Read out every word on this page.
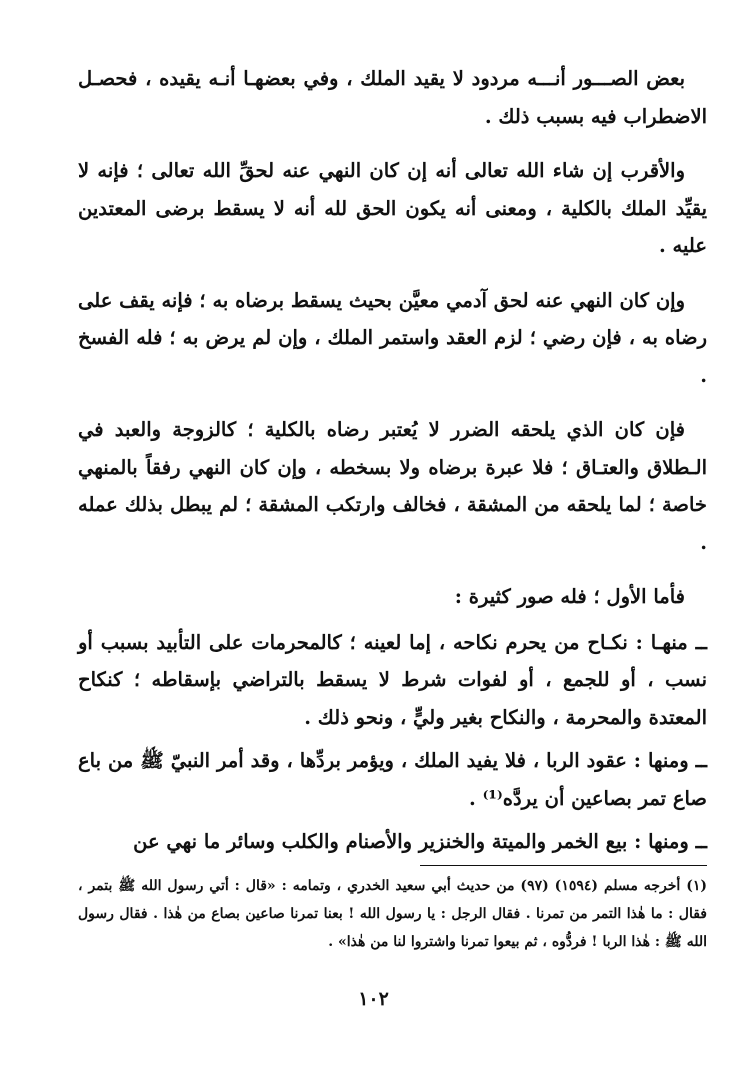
بعض الصـــور أنـــه مردود لا يقيد الملك ، وفي بعضهـا أنـه يقيده ، فحصـل الاضطراب فيه بسبب ذلك .

والأقرب إن شاء الله تعالى أنه إن كان النهي عنه لحقِّ الله تعالى ؛ فإنه لا يقيِّد الملك بالكلية ، ومعنى أنه يكون الحق لله أنه لا يسقط برضى المعتدين عليه .

وإن كان النهي عنه لحق آدمي معيَّن بحيث يسقط برضاه به ؛ فإنه يقف على رضاه به ، فإن رضي ؛ لزم العقد واستمر الملك ، وإن لم يرض به ؛ فله الفسخ .

فإن كان الذي يلحقه الضرر لا يُعتبر رضاه بالكلية ؛ كالزوجة والعبد في الـطلاق والعتـاق ؛ فلا عبرة برضاه ولا بسخطه ، وإن كان النهي رفقاً بالمنهي خاصة ؛ لما يلحقه من المشقة ، فخالف وارتكب المشقة ؛ لم يبطل بذلك عمله .

فأما الأول ؛ فله صور كثيرة :

ــ منهـا : نكـاح من يحرم نكاحه ، إما لعينه ؛ كالمحرمات على التأبيد بسبب أو نسب ، أو للجمع ، أو لفوات شرط لا يسقط بالتراضي بإسقاطه ؛ كنكاح المعتدة والمحرمة ، والنكاح بغير وليٍّ ، ونحو ذلك .

ــ ومنها : عقود الربا ، فلا يفيد الملك ، ويؤمر بردِّها ، وقد أمر النبيّ ﷺ من باع صاع تمر بصاعين أن يردَّه⁽¹⁾ .

ــ ومنها : بيع الخمر والميتة والخنزير والأصنام والكلب وسائر ما نهي عن

(١) أخرجه مسلم (١٥٩٤) (٩٧) من حديث أبي سعيد الخدري ، وتمامه : «قال : أتي رسول الله ﷺ بتمر ، فقال : ما هٰذا التمر من تمرنا . فقال الرجل : يا رسول الله ! بعنا تمرنا صاعين بصاع من هٰذا . فقال رسول الله ﷺ : هٰذا الربا ! فردُّوه ، ثم بيعوا تمرنا واشتروا لنا من هٰذا» .

١٠٢
